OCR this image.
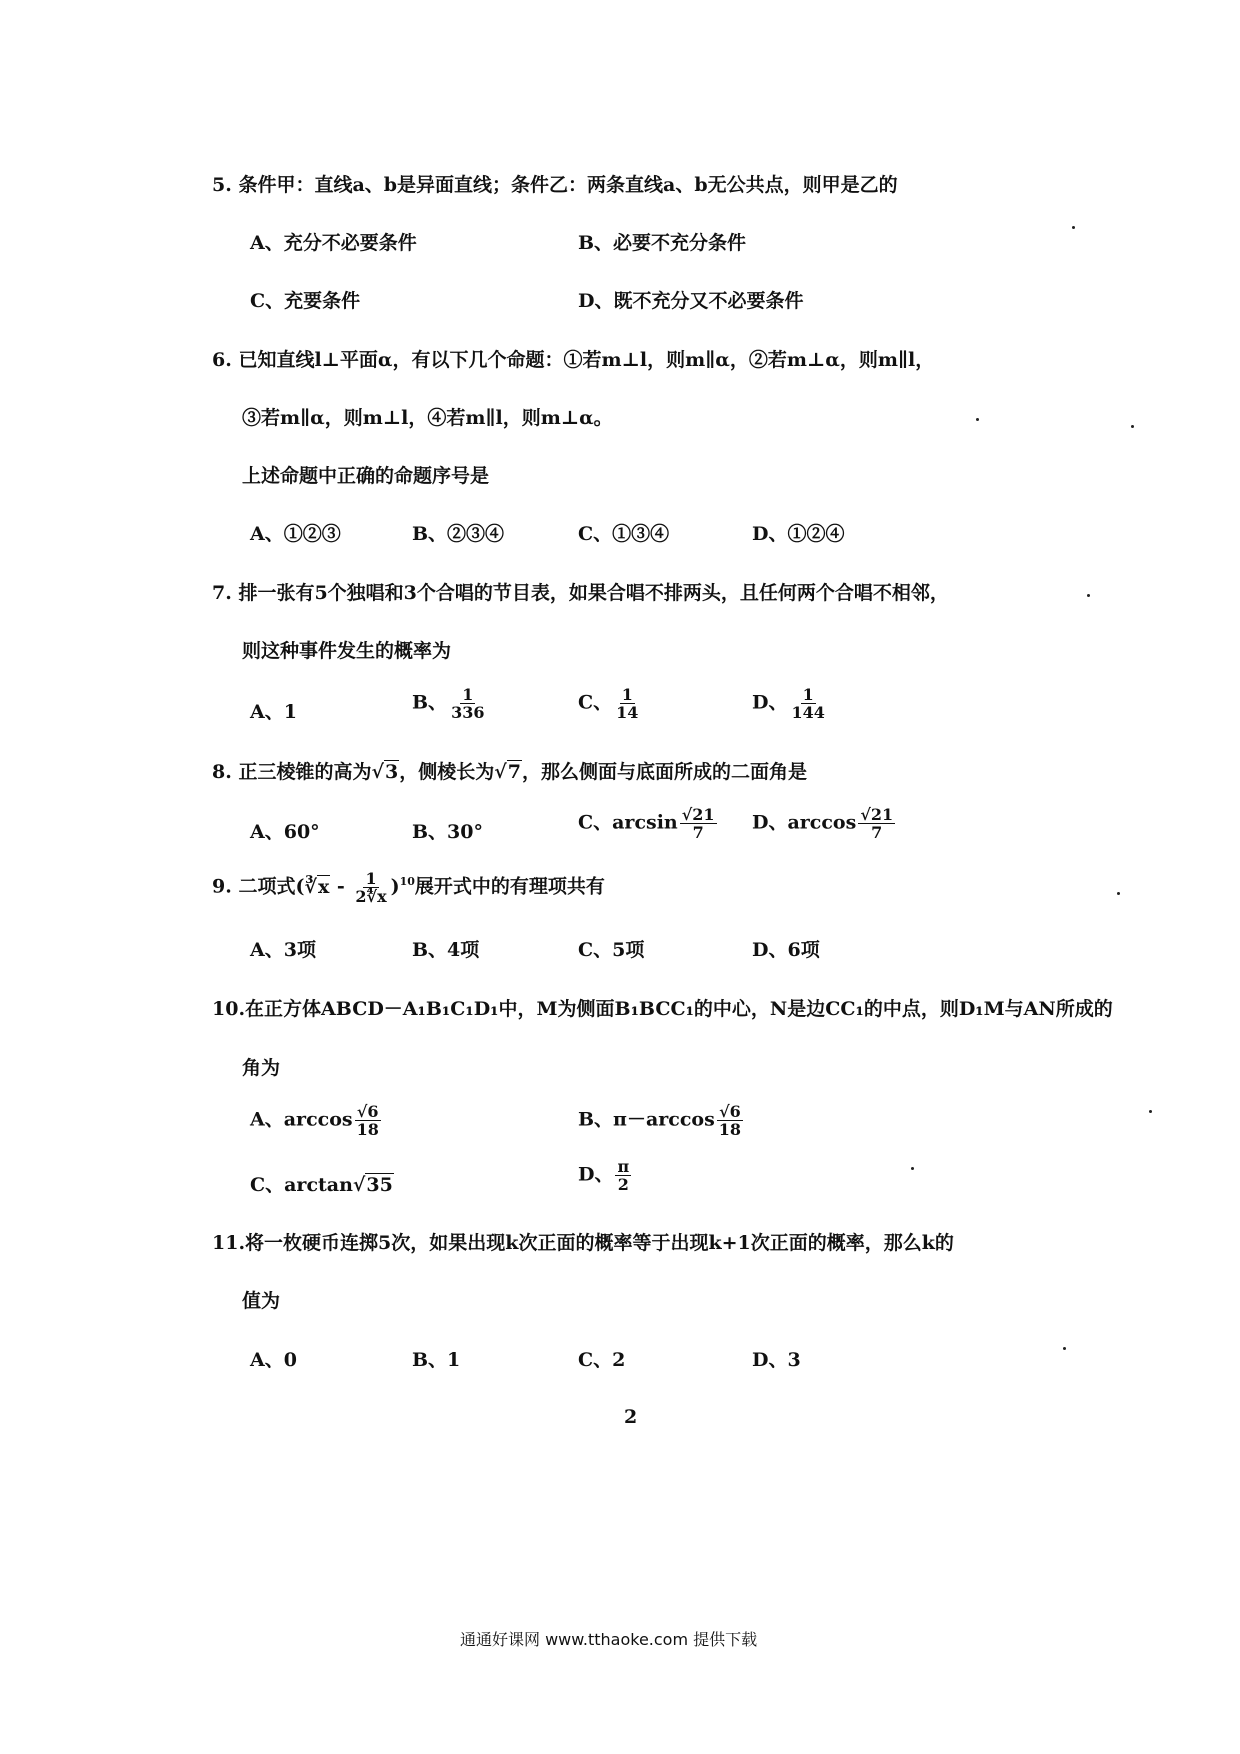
5. 条件甲：直线a、b是异面直线；条件乙：两条直线a、b无公共点，则甲是乙的
A、充分不必要条件	B、必要不充分条件
C、充要条件	D、既不充分又不必要条件
6. 已知直线l⊥平面α，有以下几个命题：①若m⊥l，则m∥α，②若m⊥α，则m∥l，
③若m∥α，则m⊥l，④若m∥l，则m⊥α。
上述命题中正确的命题序号是
A、①②③	B、②③④	C、①③④	D、①②④
7. 排一张有5个独唱和3个合唱的节目表，如果合唱不排两头，且任何两个合唱不相邻，
则这种事件发生的概率为
A、1	B、 $\frac{1}{336}$	C、 $\frac{1}{14}$	D、 $\frac{1}{144}$
8. 正三棱锥的高为√3，侧棱长为√7，那么侧面与底面所成的二面角是
A、60°	B、30°	C、$\arcsin \frac{√21}{7}$ D、$\arccos \frac{√21}{7}$
9. 二项式(∛x - $\frac{1}{2∜x} )^{10}$展开式中的有理项共有
A、3项	B、4项	C、5项	D、6项
10.在正方体ABCD－A₁B₁C₁D₁中，M为侧面B₁BCC₁的中心，N是边CC₁的中点，则D₁M与AN所成的
角为
A、$\arccos \frac{√6}{18}$	B、$\pi-\arccos \frac{√6}{18}$
C、arctan√35	D、 $\frac{\pi}{2}$
11.将一枚硬币连掷5次，如果出现k次正面的概率等于出现k+1次正面的概率，那么k的
值为
A、0	B、1	C、2	D、3
2
通通好课网 www.tthaoke.com 提供下载
